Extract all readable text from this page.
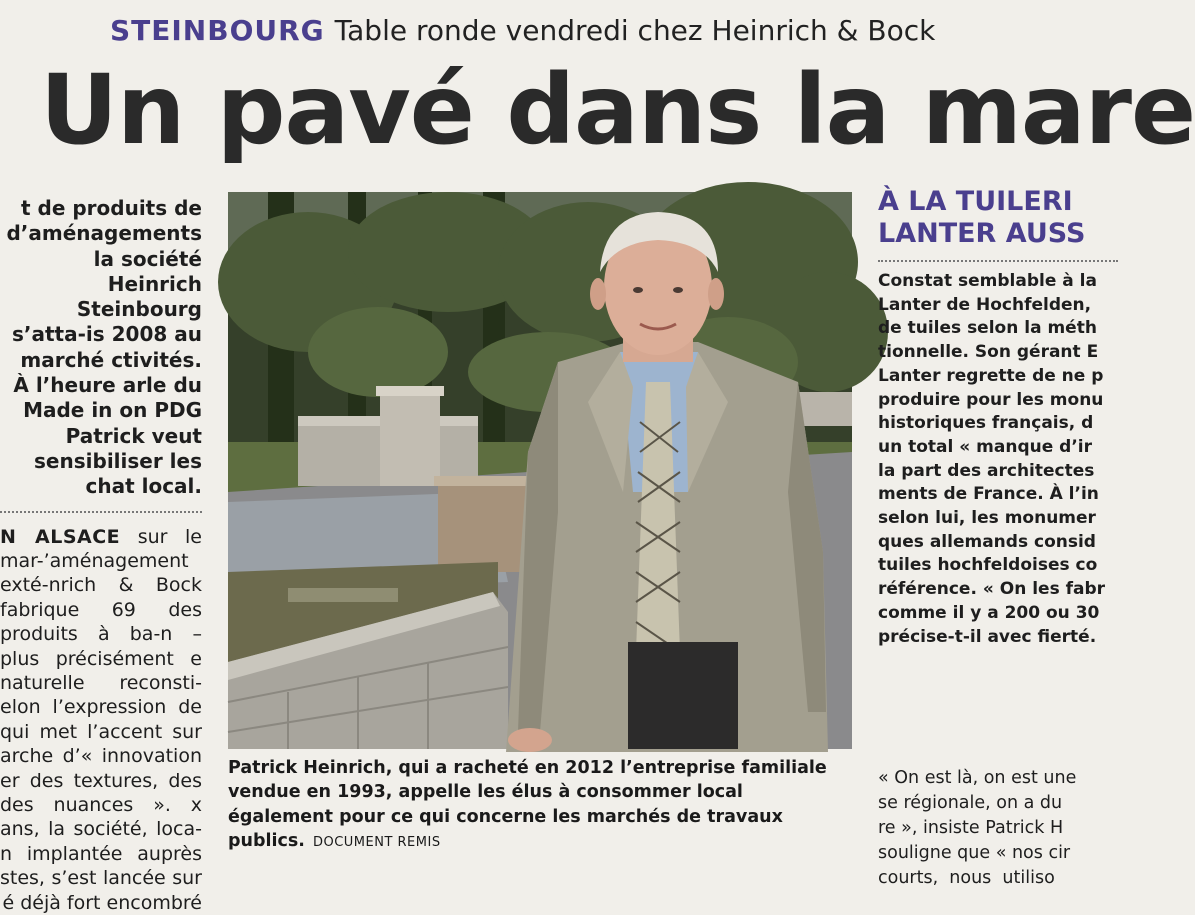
STEINBOURG Table ronde vendredi chez Heinrich & Bock
Un pavé dans la mare

t de produits de d’aménagements la société Heinrich Steinbourg s’atta-is 2008 au marché ctivités. À l’heure arle du Made in on PDG Patrick veut sensibiliser les chat local.

N ALSACE sur le mar-’aménagement exté-nrich & Bock fabrique 69 des produits à ba-n – plus précisément e naturelle reconsti-elon l’expression de qui met l’accent sur arche d’« innovation er des textures, des des nuances ». x ans, la société, loca-n implantée auprès stes, s’est lancée sur é déjà fort encombré

Patrick Heinrich, qui a racheté en 2012 l’entreprise familiale vendue en 1993, appelle les élus à consommer local également pour ce qui concerne les marchés de travaux publics. DOCUMENT REMIS

À LA TUILERI
LANTER AUSS

Constat semblable à la
Lanter de Hochfelden,
de tuiles selon la méth
tionnelle. Son gérant E
Lanter regrette de ne p
produire pour les monu
historiques français, d
un total « manque d’ir
la part des architectes
ments de France. À l’in
selon lui, les monumer
ques allemands consid
tuiles hochfeldoises co
référence. « On les fabr
comme il y a 200 ou 30
précise-t-il avec fierté.

« On est là, on est une
se régionale, on a du
re », insiste Patrick H
souligne que « nos cir
courts,  nous  utiliso
